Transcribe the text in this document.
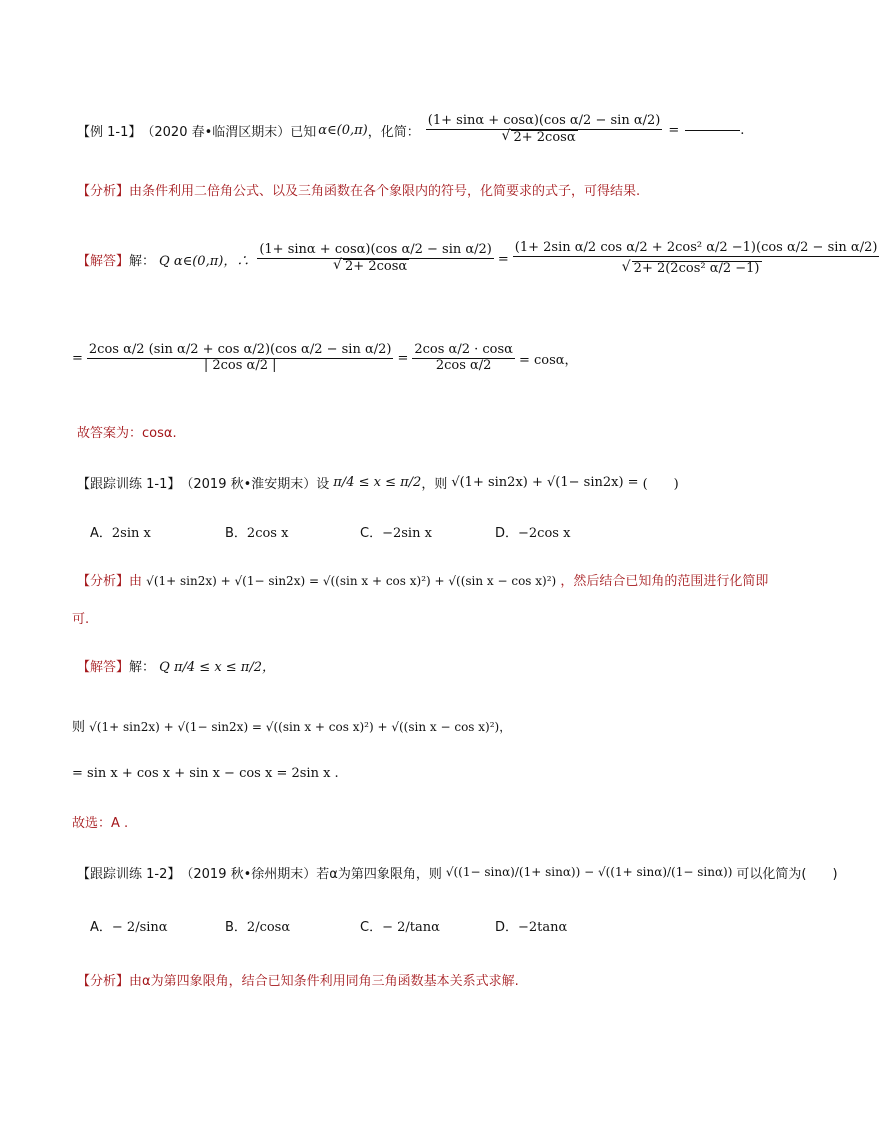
【例 1-1】 （2020 春•临渭区期末）已知 α∈(0,π) ，化简： (1+ sinα + cosα)(cos α/2 − sin α/2)
√ 2+ 2cosα =	.
【分析】由条件利用二倍角公式、以及三角函数在各个象限内的符号，化简要求的式子，可得结果.
【解答】 解： Q α∈(0,π)，∴ (1+ sinα + cosα)(cos α/2 − sin α/2)
√ 2+ 2cosα = (1+ 2sin α/2 cos α/2 + 2cos² α/2 −1)(cos α/2 − sin α/2)
√ 2+ 2(2cos² α/2 −1)
= $\frac{\text{2cos α/2 (sin α/2 + cos α/2)(cos α/2 − sin α/2)}}{\text{| 2cos α/2 |}} = \frac{\text{2cos α/2 · cosα}}{\text{2cos α/2}} = \cos\alpha$，
故答案为：cosα.
【跟踪训练 1-1】 （2019 秋•淮安期末）设 π/4 ≤ x ≤ π/2 ，则 √(1+ sin2x) + √(1− sin2x) = (　　)
A．2sin x	B．2cos x	C．−2sin x	D．−2cos x
【分析】由 √(1+ sin2x) + √(1− sin2x) = √((sin x + cos x)²) + √((sin x − cos x)²) ，然后结合已知角的范围进行化简即
可.
【解答】解： Q π/4 ≤ x ≤ π/2，
则 √(1+ sin2x) + √(1− sin2x) = √((sin x + cos x)²) + √((sin x − cos x)²)，
= sin x + cos x + sin x − cos x = 2sin x .
故选：A .
【跟踪训练 1-2】 （2019 秋•徐州期末）若 α为第四象限角，则 √((1− sinα)/(1+ sinα)) − √((1+ sinα)/(1− sinα)) 可以化简为(　　)
A．− 2/sinα	B．2/cosα	C．− 2/tanα	D．−2tanα
【分析】由α为第四象限角，结合已知条件利用同角三角函数基本关系式求解.
